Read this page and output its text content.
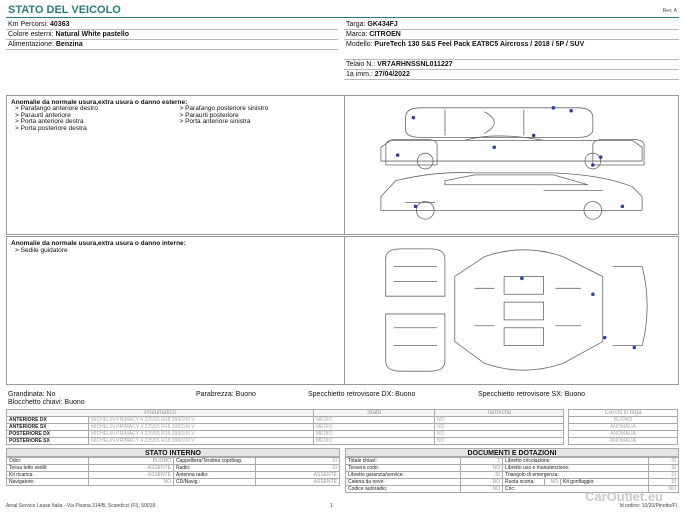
STATO DEL VEICOLO	Rev. A
Km Percorsi: 40363
Colore esterni: Natural White pastello
Alimentazione: Benzina
Targa: GK434FJ
Marca: CITROEN
Modello: PureTech 130 S&S Feel Pack EAT8C5 Aircross / 2018 / 5P / SUV
Telaio N.: VR7ARHNSSNL011227
1a imm.: 27/04/2022
Anomalie da normale usura,extra usura o danno esterne:
> Parafango anteriore destro
> Paraurti anteriore
> Porta anteriore destra
> Porta posteriore destra
> Parafango posteriore sinistro
> Paraurti posteriore
> Porta anteriore sinistra
Anomalie da normale usura,extra usura o danno interne:
> Sedile guidatore
Grandinata: No	Parabrezza: Buono	Specchietto retrovisore DX: Buono	Specchietto retrovisore SX: Buono
Blocchetto chiavi: Buono
Pneumatico		Stato	Termiche
ANTERIORE DX	MICHELIN PRIMACY 4 225/55 R18 098/100 V	MEDIO	NO
ANTERIORE SX	MICHELIN PRIMACY 4 225/55 R18 098/100 V	MEDIO	NO
POSTERIORE DX	MICHELIN PRIMACY 4 225/55 R18 098/100 V	MEDIO	NO
POSTERIORE SX	MICHELIN PRIMACY 4 225/55 R18 098/100 V	MEDIO	NO
Cerchi in lega
BUONO
ANOMALIA
ANOMALIA
ANOMALIA
STATO INTERNO
Odor:	BUONO	Cappelliera/Tendina copribag.	SI
Tessa tetto sedili:	ASSENTE	Radio:	SI
Kit ricarica:	ASSENTE	Antenna radio:	ASSENTE
Navigatore:	NO	CD/Navig.:	ASSENTE
DOCUMENTI E DOTAZIONI
Totale chiavi:	2	Libretto circolazione:			SI
Tessera code:	NO	Libretto uso e manutenzione:			SI
Libretto garanzia/service:	SI	Triangolo di emergenza:			SI
Catena da neve:	NO	Ruota scorta:	NO	Kit gonfiaggio:	SI
Codice autoradio:	NO	Cric:			NO
Arval Service Lease Italia - Via Pisana 314/B, Scandicci (FI), 50018	1	Id ordine: 10/20/Pinotto/FI
CarOutlet.eu
